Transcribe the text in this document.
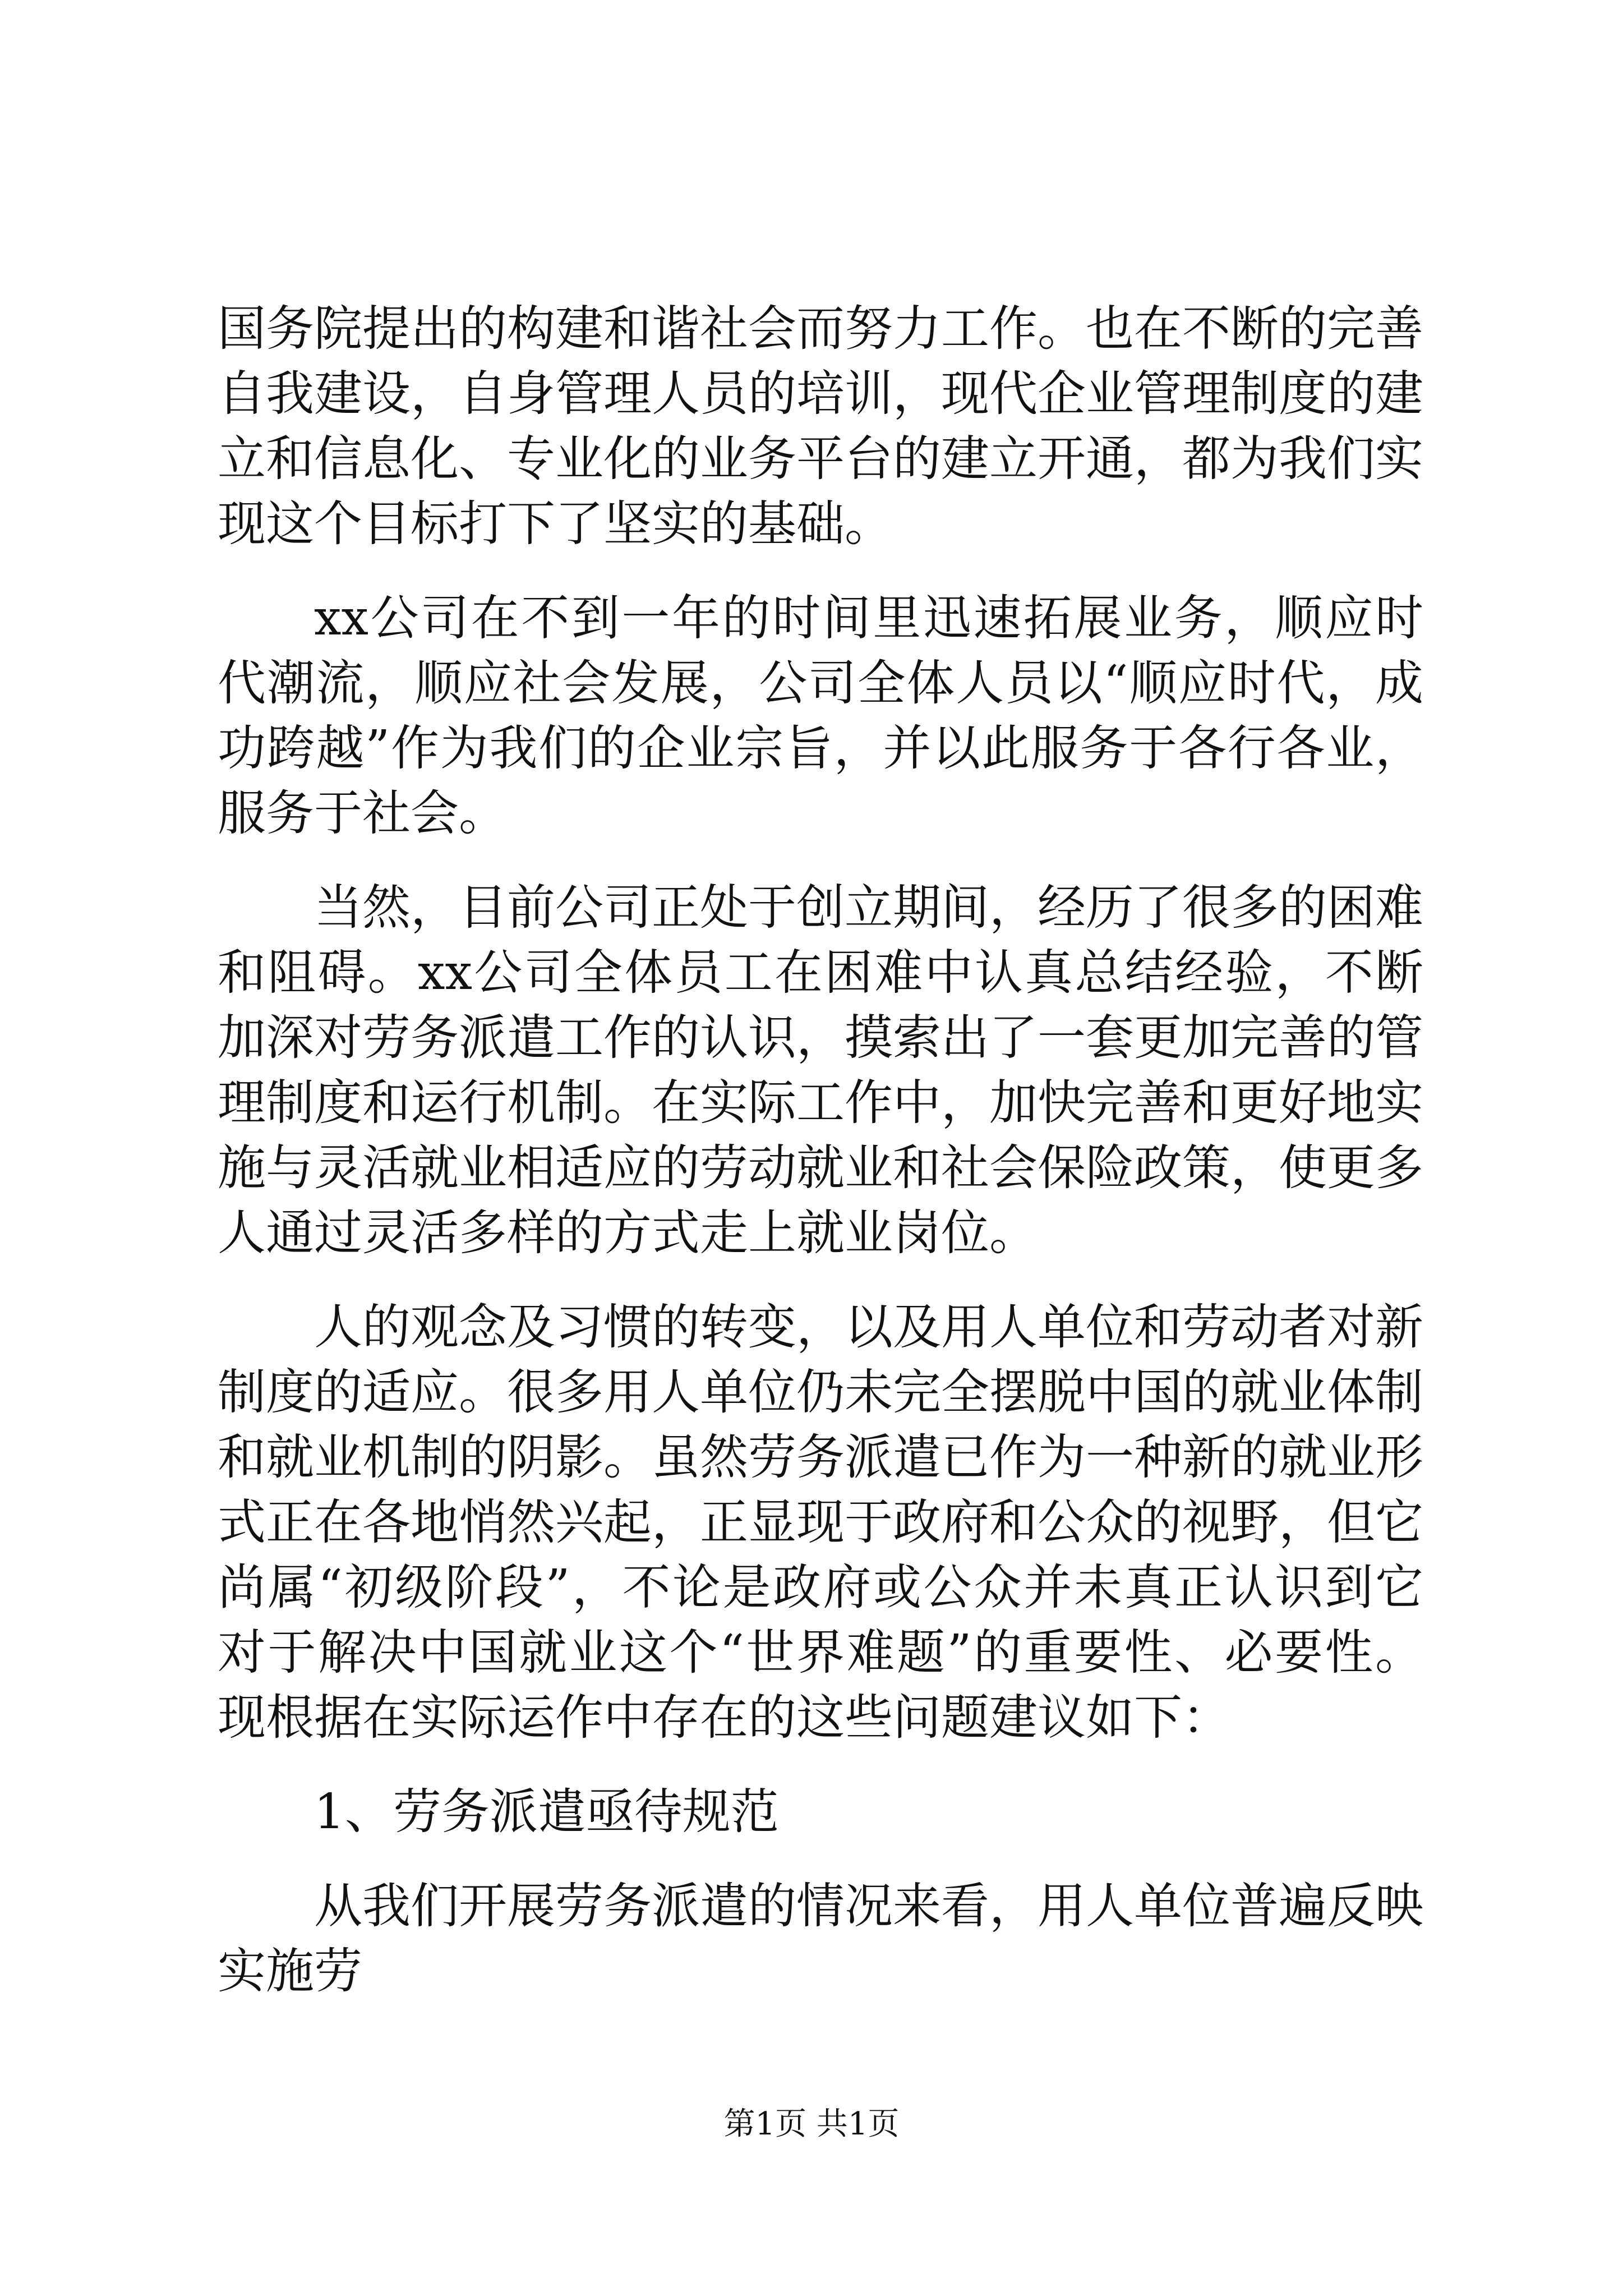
国务院提出的构建和谐社会而努力工作。也在不断的完善自我建设，自身管理人员的培训，现代企业管理制度的建立和信息化、专业化的业务平台的建立开通，都为我们实现这个目标打下了坚实的基础。

xx公司在不到一年的时间里迅速拓展业务，顺应时代潮流，顺应社会发展，公司全体人员以“顺应时代，成功跨越”作为我们的企业宗旨，并以此服务于各行各业，服务于社会。

当然，目前公司正处于创立期间，经历了很多的困难和阻碍。xx公司全体员工在困难中认真总结经验，不断加深对劳务派遣工作的认识，摸索出了一套更加完善的管理制度和运行机制。在实际工作中，加快完善和更好地实施与灵活就业相适应的劳动就业和社会保险政策，使更多人通过灵活多样的方式走上就业岗位。

人的观念及习惯的转变，以及用人单位和劳动者对新制度的适应。很多用人单位仍未完全摆脱中国的就业体制和就业机制的阴影。虽然劳务派遣已作为一种新的就业形式正在各地悄然兴起，正显现于政府和公众的视野，但它尚属“初级阶段”，不论是政府或公众并未真正认识到它对于解决中国就业这个“世界难题”的重要性、必要性。现根据在实际运作中存在的这些问题建议如下：

1、劳务派遣亟待规范

从我们开展劳务派遣的情况来看，用人单位普遍反映实施劳

第1页 共1页
